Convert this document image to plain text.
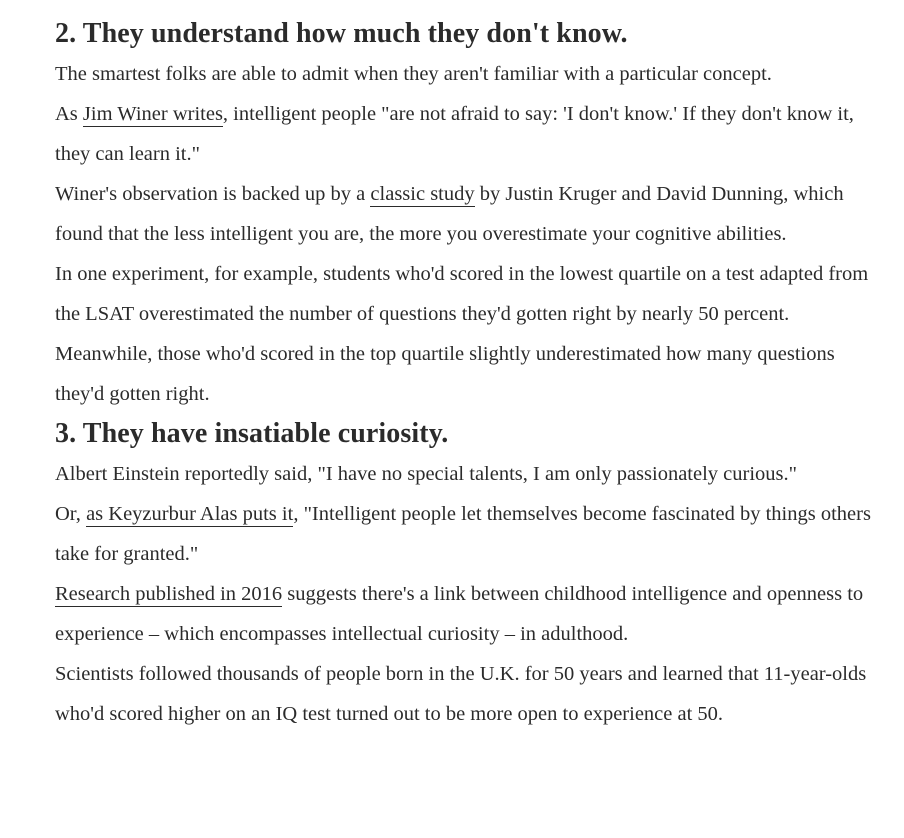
2. They understand how much they don't know.

The smartest folks are able to admit when they aren't familiar with a particular concept.
As Jim Winer writes, intelligent people "are not afraid to say: 'I don't know.' If they don't know it, they can learn it."

Winer's observation is backed up by a classic study by Justin Kruger and David Dunning, which found that the less intelligent you are, the more you overestimate your cognitive abilities.

In one experiment, for example, students who'd scored in the lowest quartile on a test adapted from the LSAT overestimated the number of questions they'd gotten right by nearly 50 percent. Meanwhile, those who'd scored in the top quartile slightly underestimated how many questions they'd gotten right.

3. They have insatiable curiosity.

Albert Einstein reportedly said, "I have no special talents, I am only passionately curious."
Or, as Keyzurbur Alas puts it, "Intelligent people let themselves become fascinated by things others take for granted."

Research published in 2016 suggests there's a link between childhood intelligence and openness to experience – which encompasses intellectual curiosity – in adulthood.

Scientists followed thousands of people born in the U.K. for 50 years and learned that 11-year-olds who'd scored higher on an IQ test turned out to be more open to experience at 50.
